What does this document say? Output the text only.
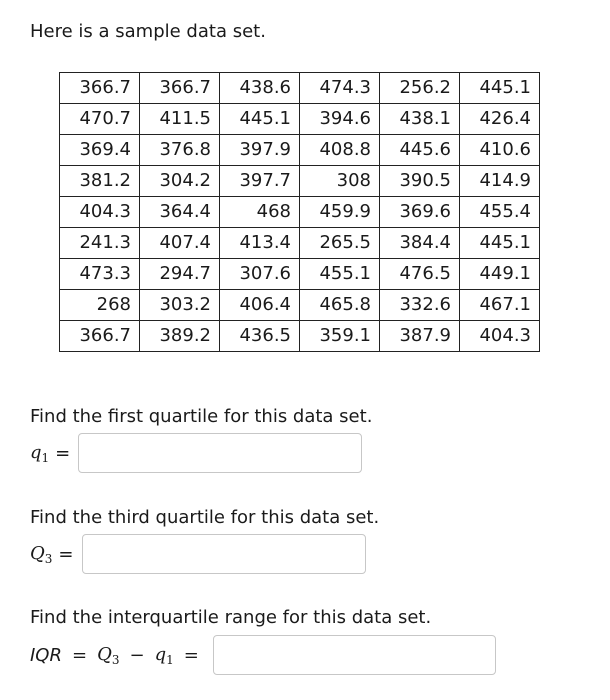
Here is a sample data set.

366.7	366.7	438.6	474.3	256.2	445.1
470.7	411.5	445.1	394.6	438.1	426.4
369.4	376.8	397.9	408.8	445.6	410.6
381.2	304.2	397.7	308	390.5	414.9
404.3	364.4	468	459.9	369.6	455.4
241.3	407.4	413.4	265.5	384.4	445.1
473.3	294.7	307.6	455.1	476.5	449.1
268	303.2	406.4	465.8	332.6	467.1
366.7	389.2	436.5	359.1	387.9	404.3

Find the first quartile for this data set.

$q_1$ =

Find the third quartile for this data set.

$Q_3$ =

Find the interquartile range for this data set.

IQR = $Q_3 - q_1$ =
